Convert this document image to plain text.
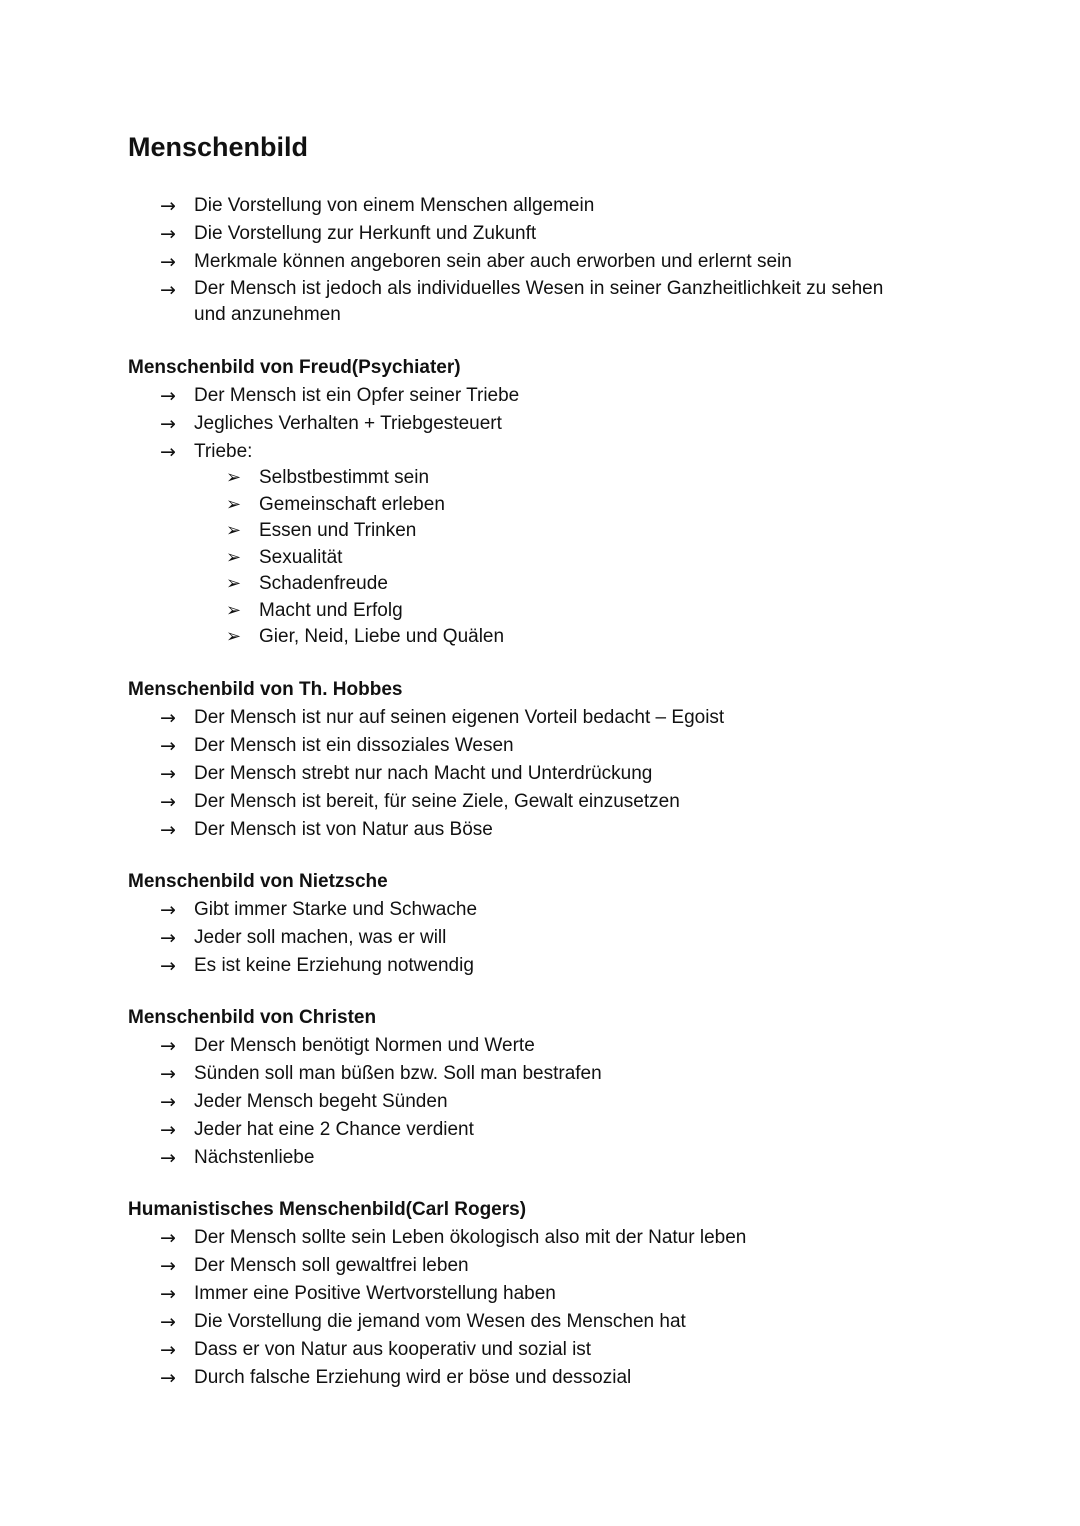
Menschenbild
→ Die Vorstellung von einem Menschen allgemein
→ Die Vorstellung zur Herkunft und Zukunft
→ Merkmale können angeboren sein aber auch erworben und erlernt sein
→ Der Mensch ist jedoch als individuelles Wesen in seiner Ganzheitlichkeit zu sehen und anzunehmen
Menschenbild von Freud(Psychiater)
→ Der Mensch ist ein Opfer seiner Triebe
→ Jegliches Verhalten + Triebgesteuert
→ Triebe:
➢ Selbstbestimmt sein
➢ Gemeinschaft erleben
➢ Essen und Trinken
➢ Sexualität
➢ Schadenfreude
➢ Macht und Erfolg
➢ Gier, Neid, Liebe und Quälen
Menschenbild von Th. Hobbes
→ Der Mensch ist nur auf seinen eigenen Vorteil bedacht – Egoist
→ Der Mensch ist ein dissoziales Wesen
→ Der Mensch strebt nur nach Macht und Unterdrückung
→ Der Mensch ist bereit, für seine Ziele, Gewalt einzusetzen
→ Der Mensch ist von Natur aus Böse
Menschenbild von Nietzsche
→ Gibt immer Starke und Schwache
→ Jeder soll machen, was er will
→ Es ist keine Erziehung notwendig
Menschenbild von Christen
→ Der Mensch benötigt Normen und Werte
→ Sünden soll man büßen bzw. Soll man bestrafen
→ Jeder Mensch begeht Sünden
→ Jeder hat eine 2 Chance verdient
→ Nächstenliebe
Humanistisches Menschenbild(Carl Rogers)
→ Der Mensch sollte sein Leben ökologisch also mit der Natur leben
→ Der Mensch soll gewaltfrei leben
→ Immer eine Positive Wertvorstellung haben
→ Die Vorstellung die jemand vom Wesen des Menschen hat
→ Dass er von Natur aus kooperativ und sozial ist
→ Durch falsche Erziehung wird er böse und dessozial
